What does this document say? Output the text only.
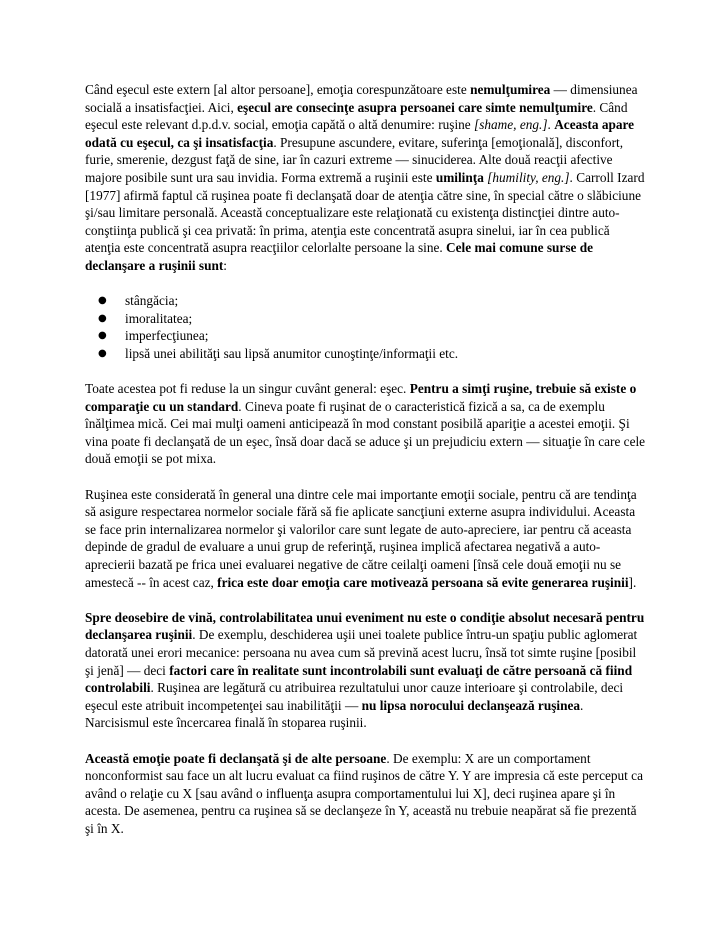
Când eşecul este extern [al altor persoane], emoţia corespunzătoare este nemulţumirea — dimensiunea socială a insatisfacţiei. Aici, eşecul are consecinţe asupra persoanei care simte nemulţumire. Când eşecul este relevant d.p.d.v. social, emoţia capătă o altă denumire: ruşine [shame, eng.]. Aceasta apare odată cu eşecul, ca şi insatisfacţia. Presupune ascundere, evitare, suferinţa [emoţională], disconfort, furie, smerenie, dezgust faţă de sine, iar în cazuri extreme — sinuciderea. Alte două reacţii afective majore posibile sunt ura sau invidia. Forma extremă a ruşinii este umilinţa [humility, eng.]. Carroll Izard [1977] afirmă faptul că ruşinea poate fi declanşată doar de atenţia către sine, în special către o slăbiciune şi/sau limitare personală. Această conceptualizare este relaţionată cu existenţa distincţiei dintre auto-conştiinţa publică şi cea privată: în prima, atenţia este concentrată asupra sinelui, iar în cea publică atenţia este concentrată asupra reacţiilor celorlalte persoane la sine. Cele mai comune surse de declanşare a ruşinii sunt:

● stângăcia;
● imoralitatea;
● imperfecţiunea;
● lipsă unei abilităţi sau lipsă anumitor cunoştinţe/informaţii etc.

Toate acestea pot fi reduse la un singur cuvânt general: eşec. Pentru a simţi ruşine, trebuie să existe o comparaţie cu un standard. Cineva poate fi ruşinat de o caracteristică fizică a sa, ca de exemplu înălţimea mică. Cei mai mulţi oameni anticipează în mod constant posibilă apariţie a acestei emoţii. Şi vina poate fi declanşată de un eşec, însă doar dacă se aduce şi un prejudiciu extern — situaţie în care cele două emoţii se pot mixa.

Ruşinea este considerată în general una dintre cele mai importante emoţii sociale, pentru că are tendinţa să asigure respectarea normelor sociale fără să fie aplicate sancţiuni externe asupra individului. Aceasta se face prin internalizarea normelor şi valorilor care sunt legate de auto-apreciere, iar pentru că aceasta depinde de gradul de evaluare a unui grup de referinţă, ruşinea implică afectarea negativă a auto-aprecierii bazată pe frica unei evaluarei negative de către ceilalţi oameni [însă cele două emoţii nu se amestecă -- în acest caz, frica este doar emoţia care motivează persoana să evite generarea ruşinii].

Spre deosebire de vină, controlabilitatea unui eveniment nu este o condiţie absolut necesară pentru declanşarea ruşinii. De exemplu, deschiderea uşii unei toalete publice întru-un spaţiu public aglomerat datorată unei erori mecanice: persoana nu avea cum să prevină acest lucru, însă tot simte ruşine [posibil şi jenă] — deci factori care în realitate sunt incontrolabili sunt evaluaţi de către persoană că fiind controlabili. Ruşinea are legătură cu atribuirea rezultatului unor cauze interioare şi controlabile, deci eşecul este atribuit incompetenţei sau inabilităţii — nu lipsa norocului declanşează ruşinea. Narcisismul este încercarea finală în stoparea ruşinii.

Această emoţie poate fi declanşată şi de alte persoane. De exemplu: X are un comportament nonconformist sau face un alt lucru evaluat ca fiind ruşinos de către Y. Y are impresia că este perceput ca având o relaţie cu X [sau având o influenţa asupra comportamentului lui X], deci ruşinea apare şi în acesta. De asemenea, pentru ca ruşinea să se declanşeze în Y, această nu trebuie neapărat să fie prezentă şi în X.
